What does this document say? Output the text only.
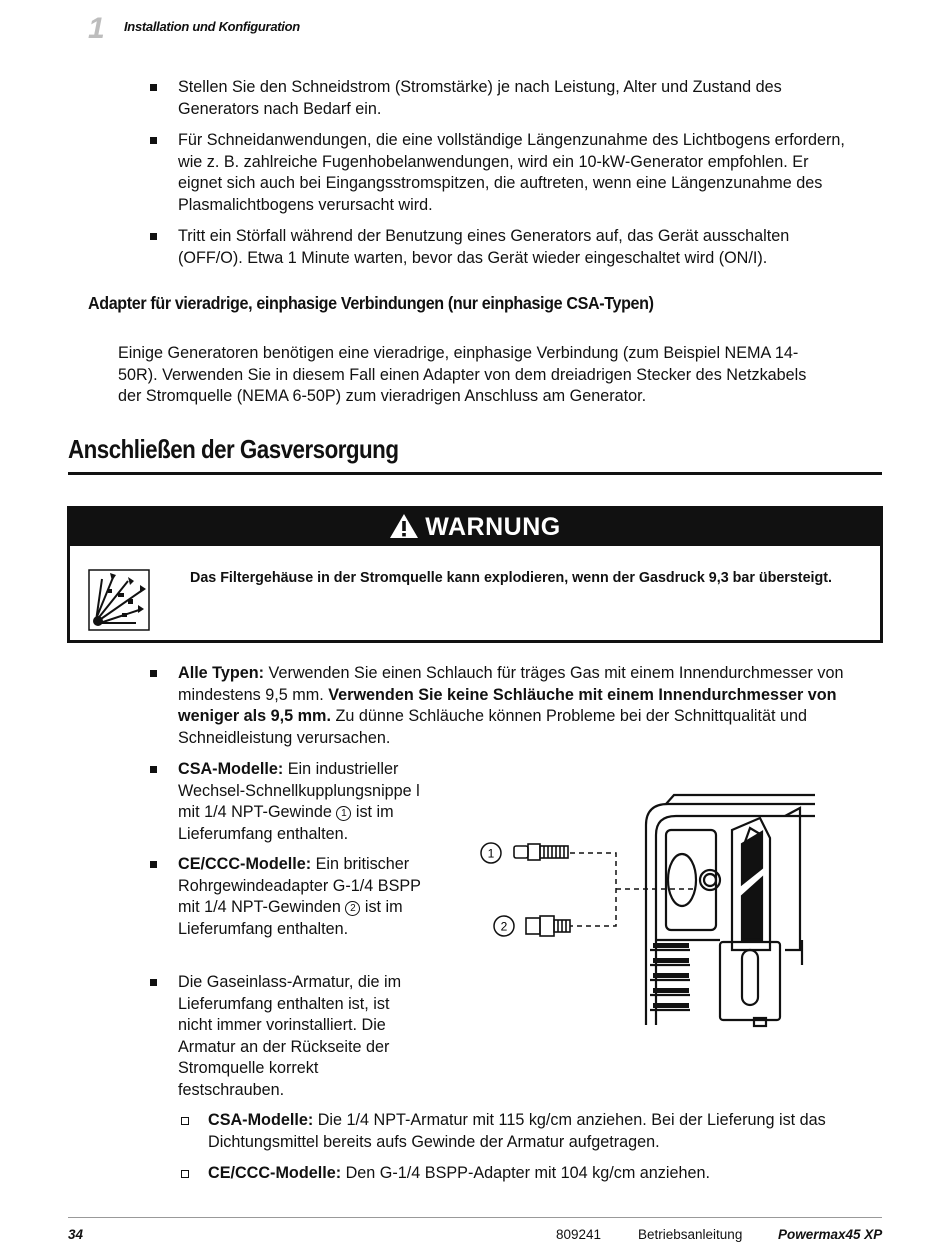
1 Installation und Konfiguration
Stellen Sie den Schneidstrom (Stromstärke) je nach Leistung, Alter und Zustand des Generators nach Bedarf ein.
Für Schneidanwendungen, die eine vollständige Längenzunahme des Lichtbogens erfordern, wie z. B. zahlreiche Fugenhobelanwendungen, wird ein 10-kW-Generator empfohlen. Er eignet sich auch bei Eingangsstromspitzen, die auftreten, wenn eine Längenzunahme des Plasmalichtbogens verursacht wird.
Tritt ein Störfall während der Benutzung eines Generators auf, das Gerät ausschalten (OFF/O). Etwa 1 Minute warten, bevor das Gerät wieder eingeschaltet wird (ON/I).
Adapter für vieradrige, einphasige Verbindungen (nur einphasige CSA-Typen)
Einige Generatoren benötigen eine vieradrige, einphasige Verbindung (zum Beispiel NEMA 14-50R). Verwenden Sie in diesem Fall einen Adapter von dem dreiadrigen Stecker des Netzkabels der Stromquelle (NEMA 6-50P) zum vieradrigen Anschluss am Generator.
Anschließen der Gasversorgung
WARNUNG
Das Filtergehäuse in der Stromquelle kann explodieren, wenn der Gasdruck 9,3 bar übersteigt.
Alle Typen: Verwenden Sie einen Schlauch für träges Gas mit einem Innendurchmesser von mindestens 9,5 mm. Verwenden Sie keine Schläuche mit einem Innendurchmesser von weniger als 9,5 mm. Zu dünne Schläuche können Probleme bei der Schnittqualität und Schneidleistung verursachen.
CSA-Modelle: Ein industrieller Wechsel-Schnellkupplungsnippe l mit 1/4 NPT-Gewinde 1 ist im Lieferumfang enthalten.
CE/CCC-Modelle: Ein britischer Rohrgewindeadapter G-1/4 BSPP mit 1/4 NPT-Gewinden 2 ist im Lieferumfang enthalten.
Die Gaseinlass-Armatur, die im Lieferumfang enthalten ist, ist nicht immer vorinstalliert. Die Armatur an der Rückseite der Stromquelle korrekt festschrauben.
1
2
CSA-Modelle: Die 1/4 NPT-Armatur mit 115 kg/cm anziehen. Bei der Lieferung ist das Dichtungsmittel bereits aufs Gewinde der Armatur aufgetragen.
CE/CCC-Modelle: Den G-1/4 BSPP-Adapter mit 104 kg/cm anziehen.
34	809241	Betriebsanleitung	Powermax45 XP
